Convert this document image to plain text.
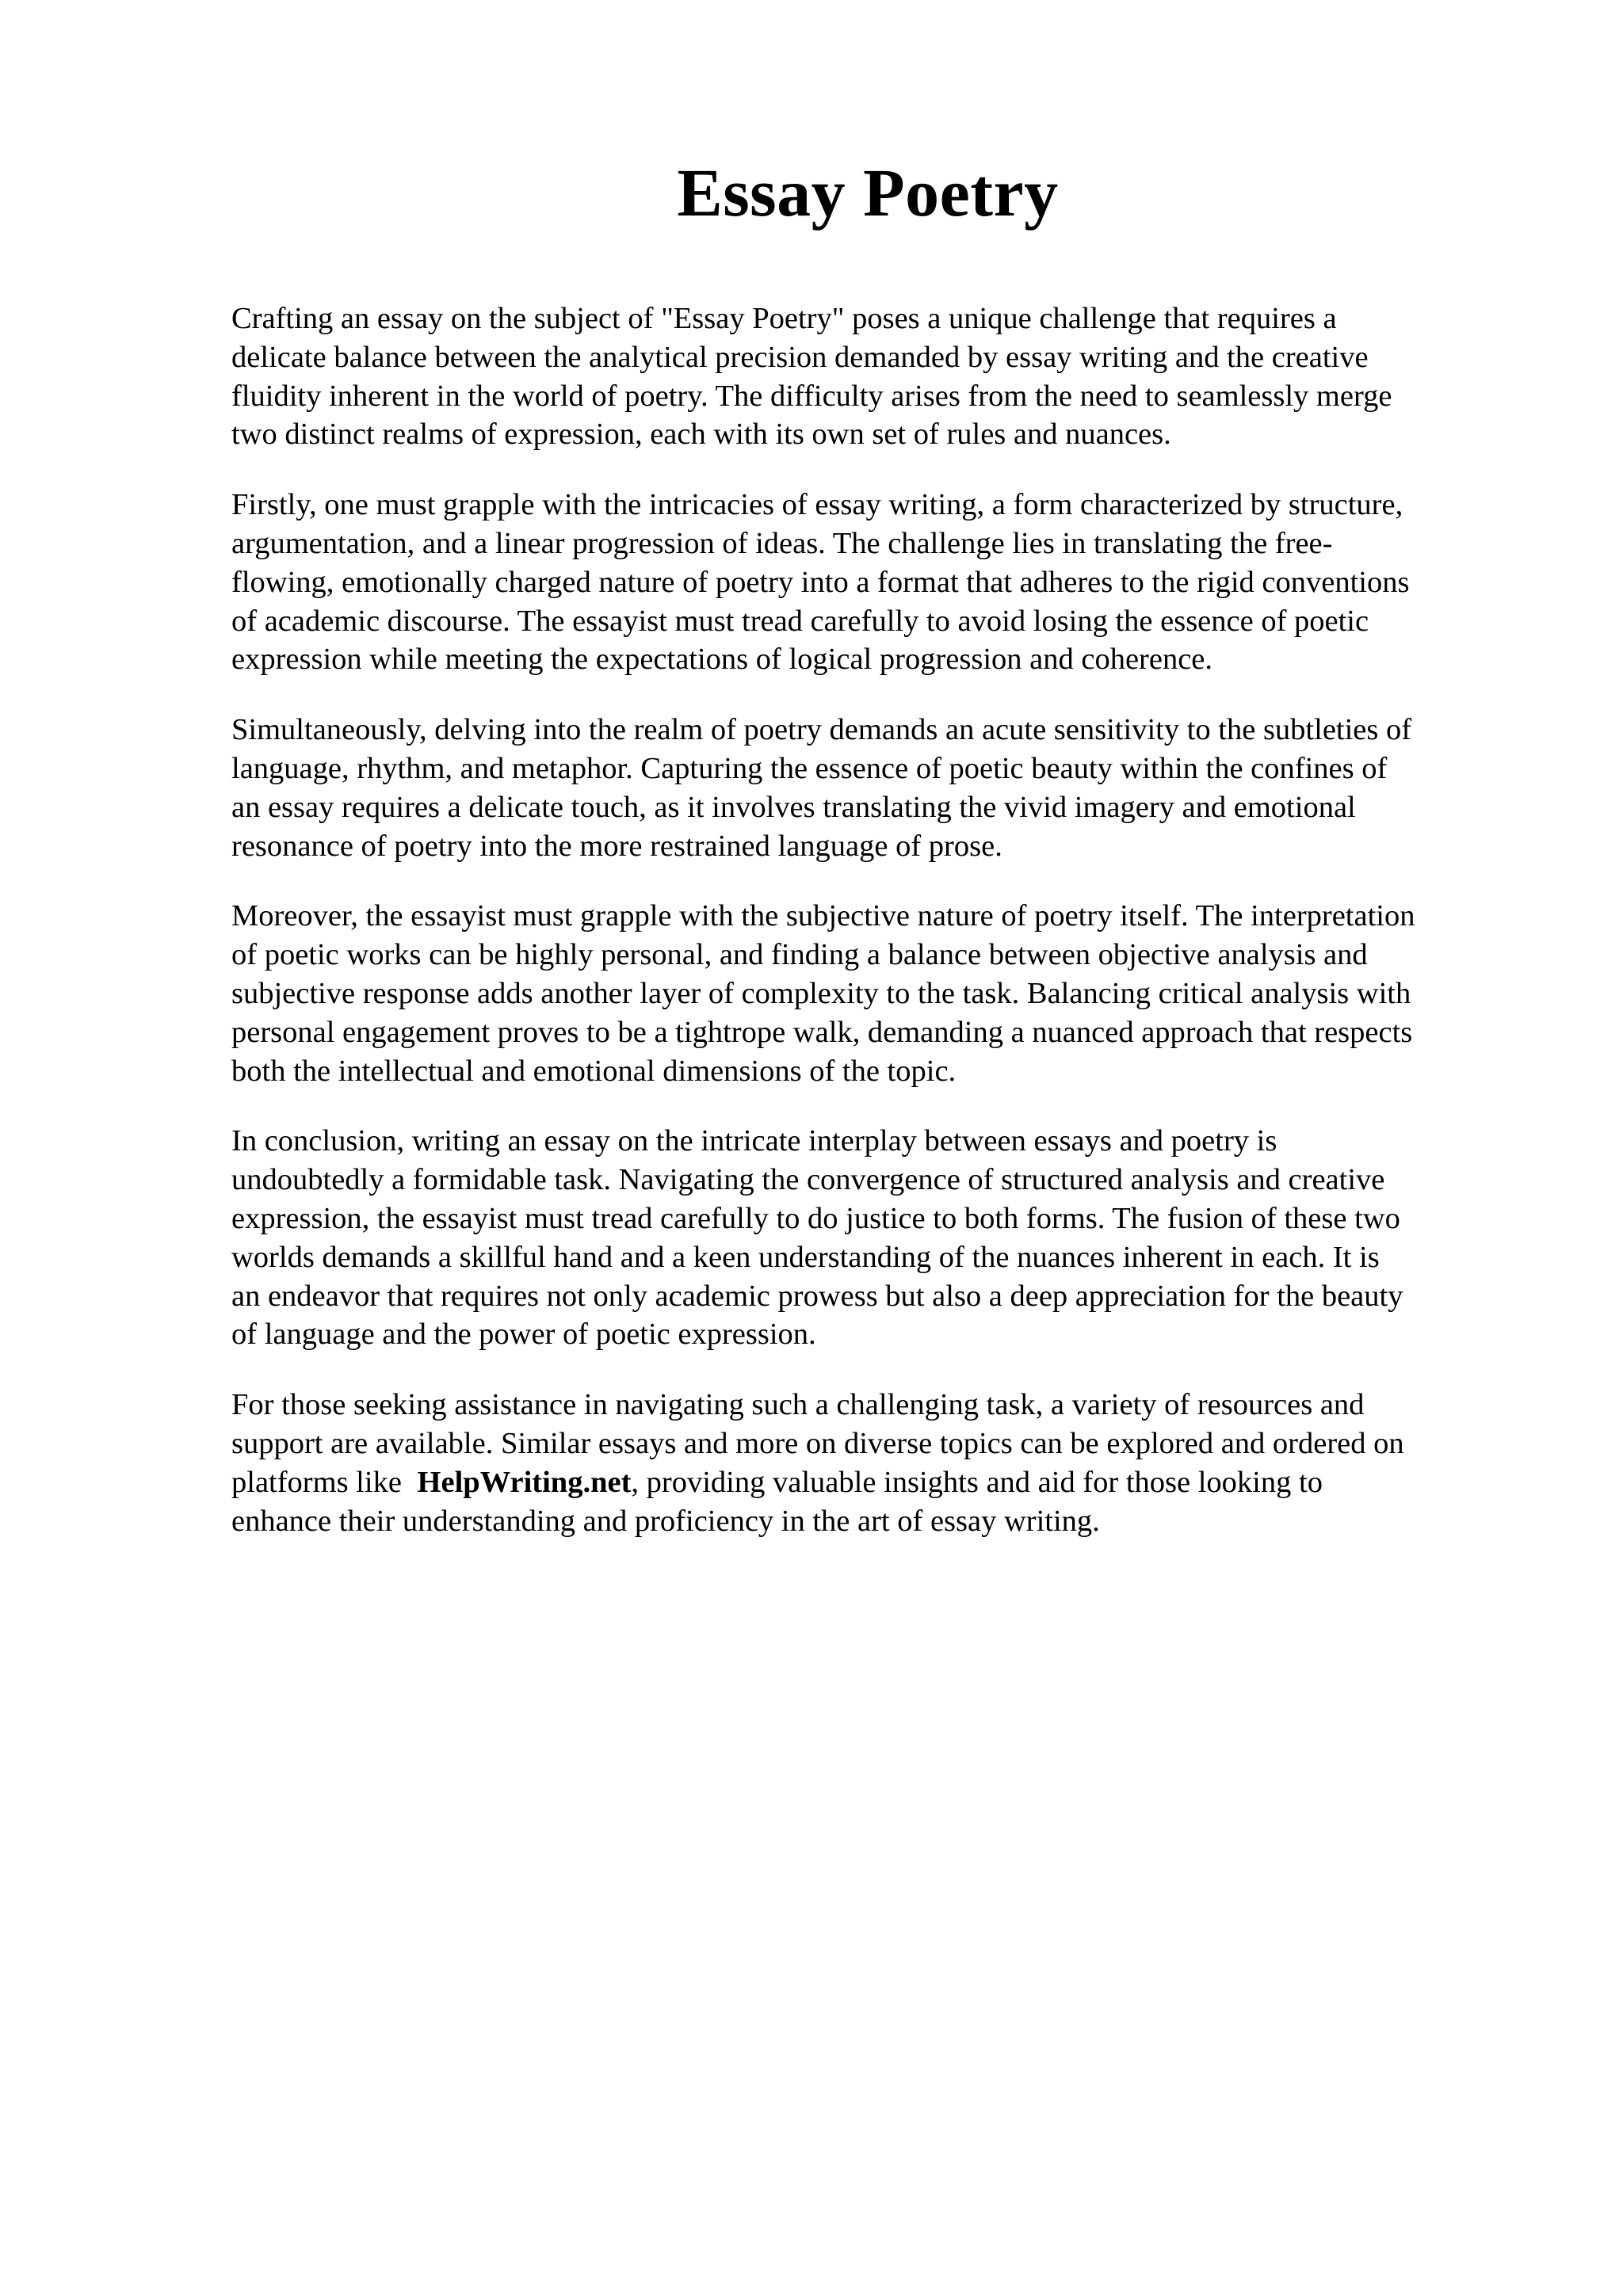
Essay Poetry

Crafting an essay on the subject of "Essay Poetry" poses a unique challenge that requires a
delicate balance between the analytical precision demanded by essay writing and the creative
fluidity inherent in the world of poetry. The difficulty arises from the need to seamlessly merge
two distinct realms of expression, each with its own set of rules and nuances.

Firstly, one must grapple with the intricacies of essay writing, a form characterized by structure,
argumentation, and a linear progression of ideas. The challenge lies in translating the free-
flowing, emotionally charged nature of poetry into a format that adheres to the rigid conventions
of academic discourse. The essayist must tread carefully to avoid losing the essence of poetic
expression while meeting the expectations of logical progression and coherence.

Simultaneously, delving into the realm of poetry demands an acute sensitivity to the subtleties of
language, rhythm, and metaphor. Capturing the essence of poetic beauty within the confines of
an essay requires a delicate touch, as it involves translating the vivid imagery and emotional
resonance of poetry into the more restrained language of prose.

Moreover, the essayist must grapple with the subjective nature of poetry itself. The interpretation
of poetic works can be highly personal, and finding a balance between objective analysis and
subjective response adds another layer of complexity to the task. Balancing critical analysis with
personal engagement proves to be a tightrope walk, demanding a nuanced approach that respects
both the intellectual and emotional dimensions of the topic.

In conclusion, writing an essay on the intricate interplay between essays and poetry is
undoubtedly a formidable task. Navigating the convergence of structured analysis and creative
expression, the essayist must tread carefully to do justice to both forms. The fusion of these two
worlds demands a skillful hand and a keen understanding of the nuances inherent in each. It is
an endeavor that requires not only academic prowess but also a deep appreciation for the beauty
of language and the power of poetic expression.

For those seeking assistance in navigating such a challenging task, a variety of resources and
support are available. Similar essays and more on diverse topics can be explored and ordered on
platforms like HelpWriting.net, providing valuable insights and aid for those looking to
enhance their understanding and proficiency in the art of essay writing.
